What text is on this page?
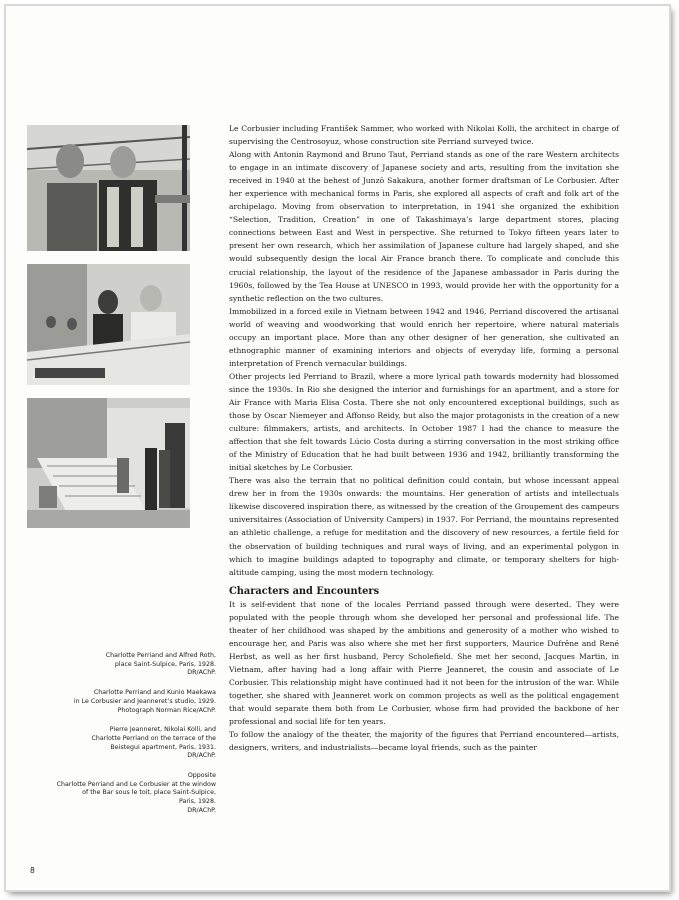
Charlotte Perriand and Alfred Roth,
place Saint-Sulpice, Paris, 1928.
DR/AChP.
Charlotte Perriand and Kunio Maekawa
in Le Corbusier and Jeanneret’s studio, 1929.
Photograph Norman Rice/AChP.
Pierre Jeanneret, Nikolai Kolli, and
Charlotte Perriand on the terrace of the
Beistegui apartment, Paris, 1931.
DR/AChP.
Opposite
Charlotte Perriand and Le Corbusier at the window
of the Bar sous le toit, place Saint-Sulpice,
Paris, 1928.
DR/AChP.

Le Corbusier including František Sammer, who worked with Nikolai Kolli, the architect in charge of supervising the Centrosoyuz, whose construction site Perriand surveyed twice.

Along with Antonin Raymond and Bruno Taut, Perriand stands as one of the rare Western architects to engage in an intimate discovery of Japanese society and arts, resulting from the invitation she received in 1940 at the behest of Junzō Sakakura, another former draftsman of Le Corbusier. After her experience with mechanical forms in Paris, she explored all aspects of craft and folk art of the archipelago. Moving from observation to interpretation, in 1941 she organized the exhibition “Selection, Tradition, Creation” in one of Takashimaya’s large department stores, placing connections between East and West in perspective. She returned to Tokyo fifteen years later to present her own research, which her assimilation of Japanese culture had largely shaped, and she would subsequently design the local Air France branch there. To complicate and conclude this crucial relationship, the layout of the residence of the Japanese ambassador in Paris during the 1960s, followed by the Tea House at UNESCO in 1993, would provide her with the opportunity for a synthetic reflection on the two cultures.

Immobilized in a forced exile in Vietnam between 1942 and 1946, Perriand discovered the artisanal world of weaving and woodworking that would enrich her repertoire, where natural materials occupy an important place. More than any other designer of her generation, she cultivated an ethnographic manner of examining interiors and objects of everyday life, forming a personal interpretation of French vernacular buildings.

Other projects led Perriand to Brazil, where a more lyrical path towards modernity had blossomed since the 1930s. In Rio she designed the interior and furnishings for an apartment, and a store for Air France with Maria Elisa Costa. There she not only encountered exceptional buildings, such as those by Oscar Niemeyer and Affonso Reidy, but also the major protagonists in the creation of a new culture: filmmakers, artists, and architects. In October 1987 I had the chance to measure the affection that she felt towards Lúcio Costa during a stirring conversation in the most striking office of the Ministry of Education that he had built between 1936 and 1942, brilliantly transforming the initial sketches by Le Corbusier.

There was also the terrain that no political definition could contain, but whose incessant appeal drew her in from the 1930s onwards: the mountains. Her generation of artists and intellectuals likewise discovered inspiration there, as witnessed by the creation of the Groupement des campeurs universitaires (Association of University Campers) in 1937. For Perriand, the mountains represented an athletic challenge, a refuge for meditation and the discovery of new resources, a fertile field for the observation of building techniques and rural ways of living, and an experimental polygon in which to imagine buildings adapted to topography and climate, or temporary shelters for high-altitude camping, using the most modern technology.

Characters and Encounters

It is self-evident that none of the locales Perriand passed through were deserted. They were populated with the people through whom she developed her personal and professional life. The theater of her childhood was shaped by the ambitions and generosity of a mother who wished to encourage her, and Paris was also where she met her first supporters, Maurice Dufrêne and René Herbst, as well as her first husband, Percy Scholefield. She met her second, Jacques Martin, in Vietnam, after having had a long affair with Pierre Jeanneret, the cousin and associate of Le Corbusier. This relationship might have continued had it not been for the intrusion of the war. While together, she shared with Jeanneret work on common projects as well as the political engagement that would separate them both from Le Corbusier, whose firm had provided the backbone of her professional and social life for ten years.

To follow the analogy of the theater, the majority of the figures that Perriand encountered—artists, designers, writers, and industrialists—became loyal friends, such as the painter

8
